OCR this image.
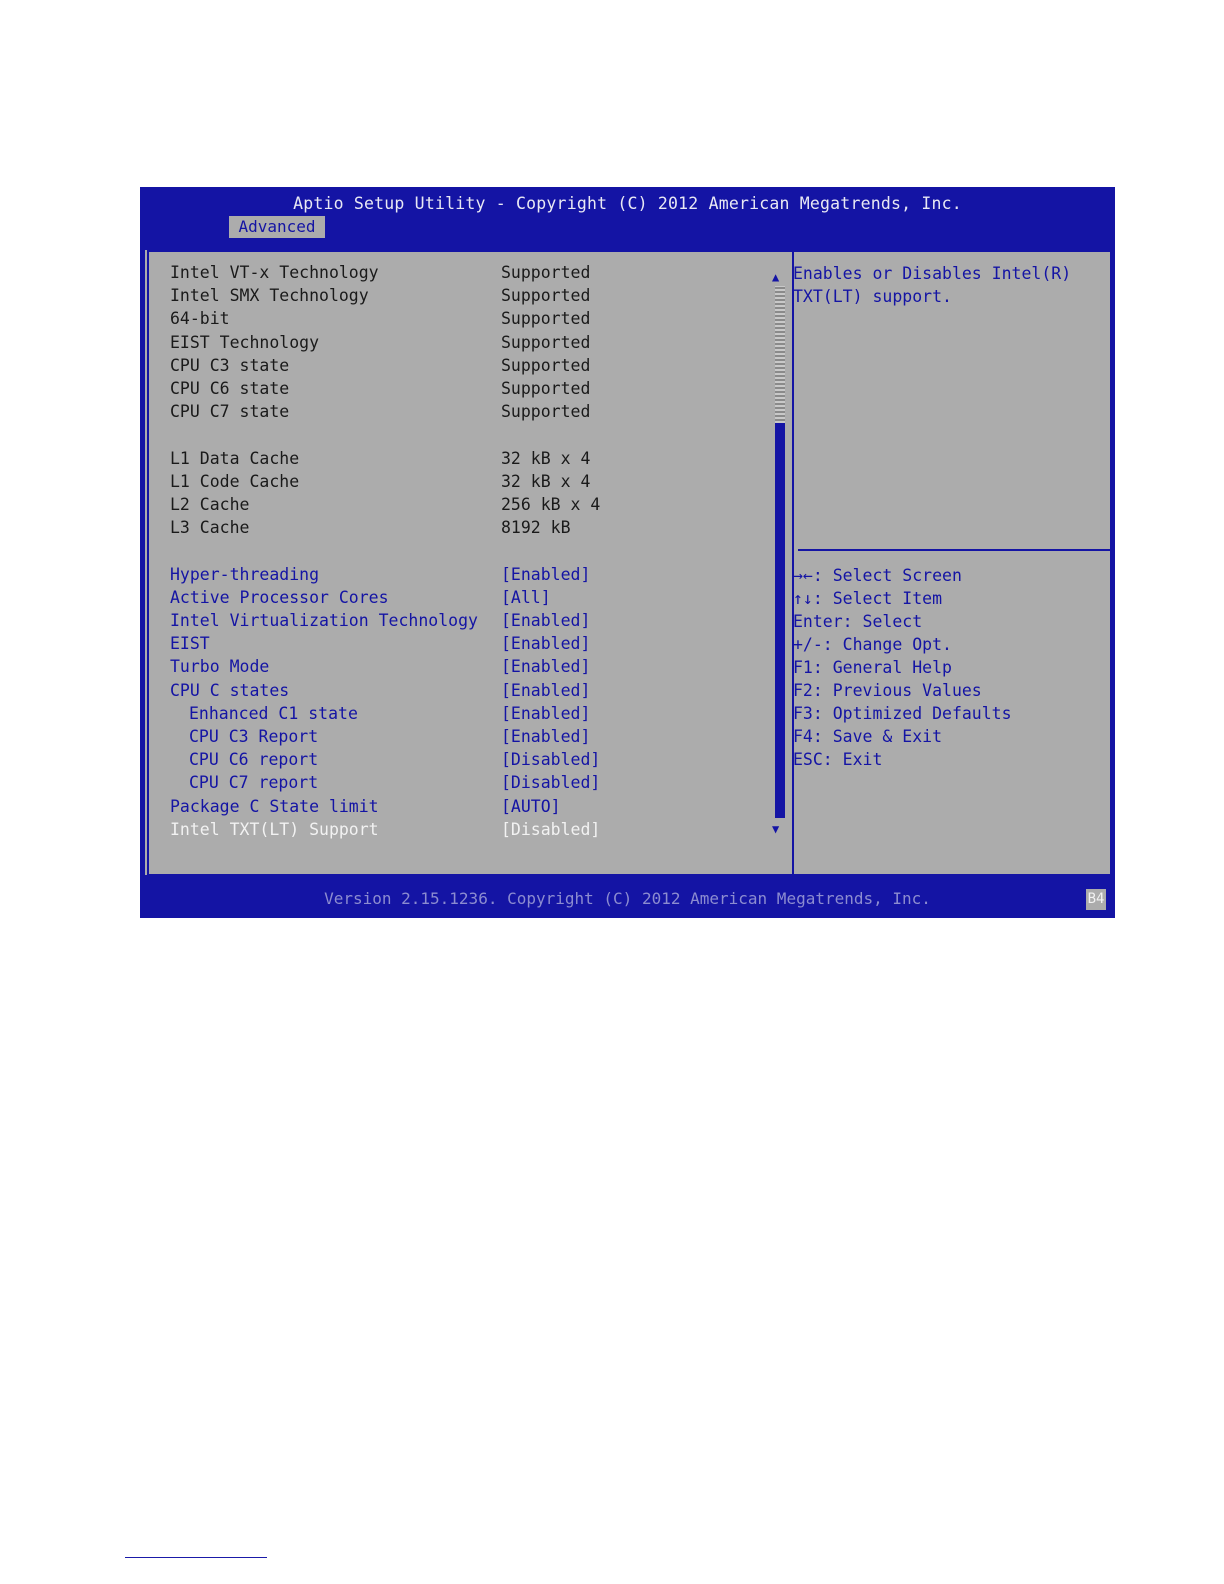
Aptio Setup Utility - Copyright (C) 2012 American Megatrends, Inc.
Advanced
Intel VT-x Technology	Supported
Intel SMX Technology	Supported
64-bit	Supported
EIST Technology	Supported
CPU C3 state	Supported
CPU C6 state	Supported
CPU C7 state	Supported
L1 Data Cache	32 kB x 4
L1 Code Cache	32 kB x 4
L2 Cache	256 kB x 4
L3 Cache	8192 kB
Hyper-threading	[Enabled]
Active Processor Cores	[All]
Intel Virtualization Technology [Enabled]
EIST	[Enabled]
Turbo Mode	[Enabled]
CPU C states	[Enabled]
Enhanced C1 state	[Enabled]
CPU C3 Report	[Enabled]
CPU C6 report	[Disabled]
CPU C7 report	[Disabled]
Package C State limit	[AUTO]
Intel TXT(LT) Support	[Disabled]
▲
▼
Enables or Disables Intel(R) TXT(LT) support.
→←: Select Screen
↑↓: Select Item
Enter: Select
+/-: Change Opt.
F1: General Help
F2: Previous Values
F3: Optimized Defaults
F4: Save & Exit
ESC: Exit
Version 2.15.1236. Copyright (C) 2012 American Megatrends, Inc.	B4
